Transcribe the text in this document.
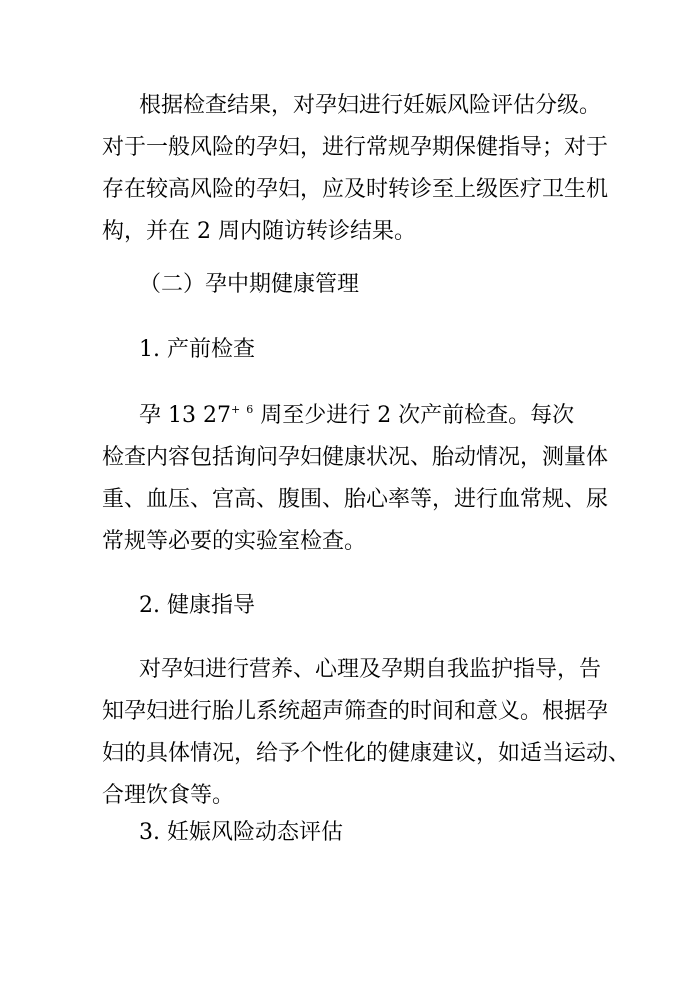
根据检查结果，对孕妇进行妊娠风险评估分级。
对于一般风险的孕妇，进行常规孕期保健指导；对于
存在较高风险的孕妇，应及时转诊至上级医疗卫生机
构，并在 2 周内随访转诊结果。
（二）孕中期健康管理
1. 产前检查
孕 13 27+ $^6$ 周至少进行 2 次产前检查。每次
检查内容包括询问孕妇健康状况、胎动情况，测量体
重、血压、宫高、腹围、胎心率等，进行血常规、尿
常规等必要的实验室检查。
2. 健康指导
对孕妇进行营养、心理及孕期自我监护指导，告
知孕妇进行胎儿系统超声筛查的时间和意义。根据孕
妇的具体情况，给予个性化的健康建议，如适当运动、
合理饮食等。
3. 妊娠风险动态评估
